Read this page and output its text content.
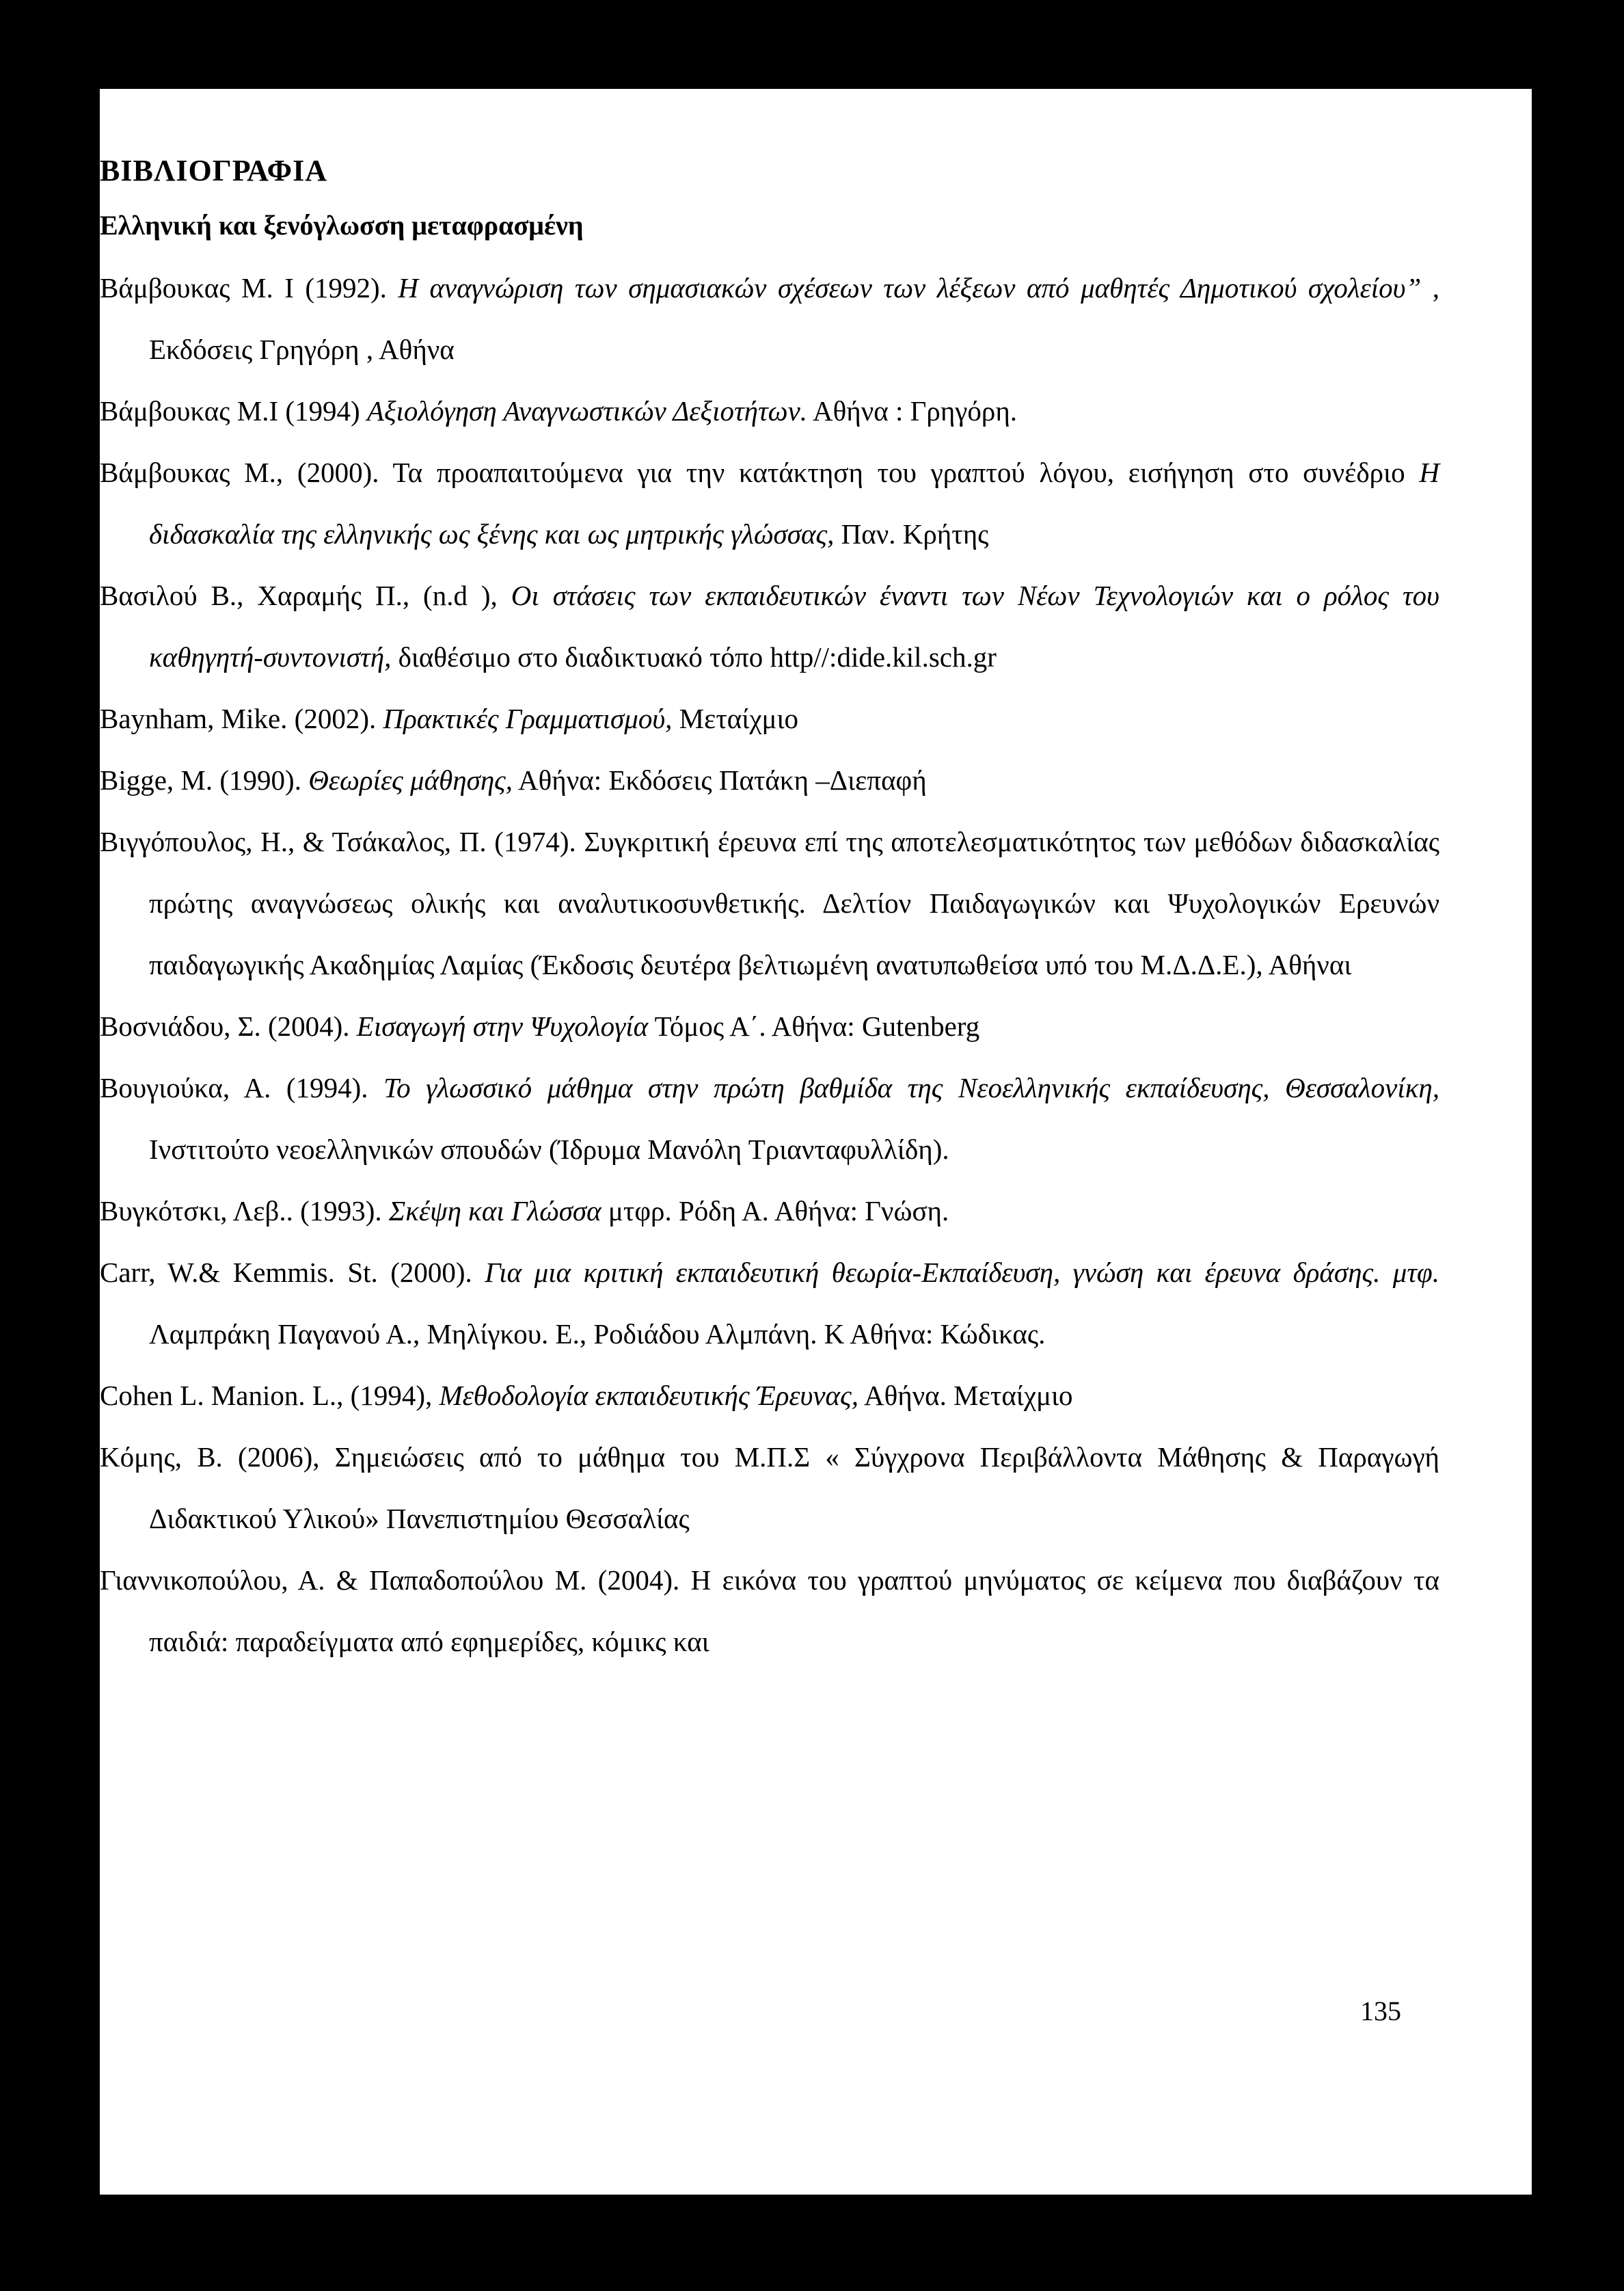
ΒΙΒΛΙΟΓΡΑΦΙΑ

Ελληνική και ξενόγλωσση μεταφρασμένη

Βάμβουκας Μ. Ι (1992). Η αναγνώριση των σημασιακών σχέσεων των λέξεων από μαθητές Δημοτικού σχολείου” , Εκδόσεις Γρηγόρη , Αθήνα

Βάμβουκας Μ.Ι (1994) Αξιολόγηση Αναγνωστικών Δεξιοτήτων. Αθήνα : Γρηγόρη.

Βάμβουκας Μ., (2000). Τα προαπαιτούμενα για την κατάκτηση του γραπτού λόγου, εισήγηση στο συνέδριο Η διδασκαλία της ελληνικής ως ξένης και ως μητρικής γλώσσας, Παν. Κρήτης

Βασιλού Β., Χαραμής Π., (n.d ), Οι στάσεις των εκπαιδευτικών έναντι των Νέων Τεχνολογιών και ο ρόλος του καθηγητή-συντονιστή, διαθέσιμο στο διαδικτυακό τόπο http//:dide.kil.sch.gr

Baynham, Mike. (2002). Πρακτικές Γραμματισμού, Μεταίχμιο

Bigge, M. (1990). Θεωρίες μάθησης, Αθήνα: Εκδόσεις Πατάκη –Διεπαφή

Βιγγόπουλος, Η., & Τσάκαλος, Π. (1974). Συγκριτική έρευνα επί της αποτελεσματικότητος των μεθόδων διδασκαλίας πρώτης αναγνώσεως ολικής και αναλυτικοσυνθετικής. Δελτίον Παιδαγωγικών και Ψυχολογικών Ερευνών παιδαγωγικής Ακαδημίας Λαμίας (Έκδοσις δευτέρα βελτιωμένη ανατυπωθείσα υπό του Μ.Δ.Δ.Ε.), Αθήναι

Βοσνιάδου, Σ. (2004). Εισαγωγή στην Ψυχολογία Τόμος Α΄. Αθήνα: Gutenberg

Βουγιούκα, Α. (1994). Το γλωσσικό μάθημα στην πρώτη βαθμίδα της Νεοελληνικής εκπαίδευσης, Θεσσαλονίκη, Ινστιτούτο νεοελληνικών σπουδών (Ίδρυμα Μανόλη Τριανταφυλλίδη).

Βυγκότσκι, Λεβ.. (1993). Σκέψη και Γλώσσα μτφρ. Ρόδη Α. Αθήνα: Γνώση.

Carr, W.& Kemmis. St. (2000). Για μια κριτική εκπαιδευτική θεωρία-Εκπαίδευση, γνώση και έρευνα δράσης. μτφ. Λαμπράκη Παγανού Α., Μηλίγκου. Ε., Ροδιάδου Αλμπάνη. Κ Αθήνα: Κώδικας.

Cohen L. Manion. L., (1994), Μεθοδολογία εκπαιδευτικής Έρευνας, Αθήνα. Μεταίχμιο

Κόμης, Β. (2006), Σημειώσεις από το μάθημα του Μ.Π.Σ « Σύγχρονα Περιβάλλοντα Μάθησης & Παραγωγή Διδακτικού Υλικού» Πανεπιστημίου Θεσσαλίας

Γιαννικοπούλου, Α. & Παπαδοπούλου Μ. (2004). Η εικόνα του γραπτού μηνύματος σε κείμενα που διαβάζουν τα παιδιά: παραδείγματα από εφημερίδες, κόμικς και

135
